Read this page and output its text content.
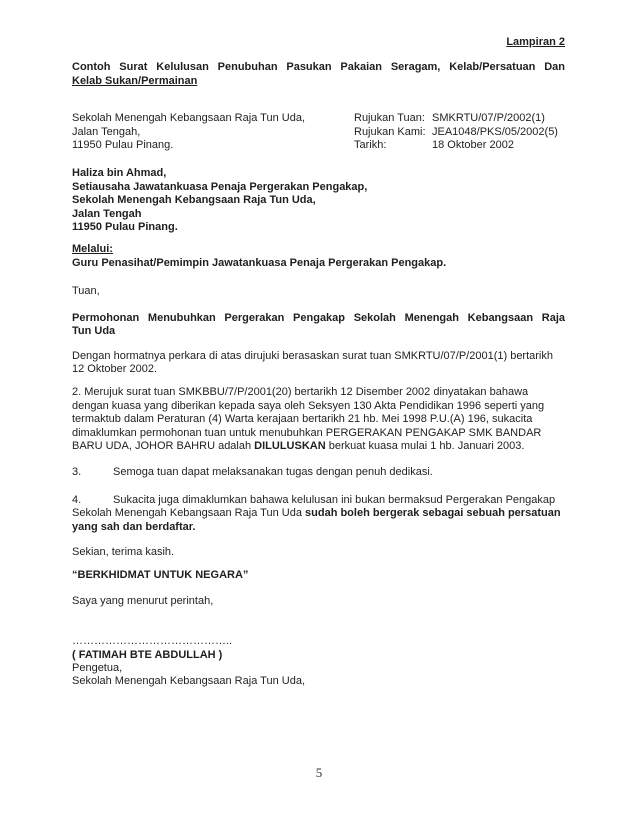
Lampiran 2
Contoh Surat Kelulusan Penubuhan Pasukan Pakaian Seragam, Kelab/Persatuan Dan
Kelab Sukan/Permainan
Sekolah Menengah Kebangsaan Raja Tun Uda,
Jalan Tengah,
11950 Pulau Pinang.
Rujukan Tuan: SMKRTU/07/P/2002(1)
Rujukan Kami: JEA1048/PKS/05/2002(5)
Tarikh:	18 Oktober 2002
Haliza bin Ahmad,
Setiausaha Jawatankuasa Penaja Pergerakan Pengakap,
Sekolah Menengah Kebangsaan Raja Tun Uda,
Jalan Tengah
11950 Pulau Pinang.
Melalui:
Guru Penasihat/Pemimpin Jawatankuasa Penaja Pergerakan Pengakap.
Tuan,
Permohonan Menubuhkan Pergerakan Pengakap Sekolah Menengah Kebangsaan Raja
Tun Uda
Dengan hormatnya perkara di atas dirujuki berasaskan surat tuan SMKRTU/07/P/2001(1) bertarikh 12 Oktober 2002.
2. Merujuk surat tuan SMKBBU/7/P/2001(20) bertarikh 12 Disember 2002 dinyatakan bahawa dengan kuasa yang diberikan kepada saya oleh Seksyen 130 Akta Pendidikan 1996 seperti yang termaktub dalam Peraturan (4) Warta kerajaan bertarikh 21 hb. Mei 1998 P.U.(A) 196, sukacita dimaklumkan permohonan tuan untuk menubuhkan PERGERAKAN PENGAKAP SMK BANDAR BARU UDA, JOHOR BAHRU adalah DILULUSKAN berkuat kuasa mulai 1 hb. Januari 2003.
3.	Semoga tuan dapat melaksanakan tugas dengan penuh dedikasi.
4.	Sukacita juga dimaklumkan bahawa kelulusan ini bukan bermaksud Pergerakan Pengakap Sekolah Menengah Kebangsaan Raja Tun Uda sudah boleh bergerak sebagai sebuah persatuan yang sah dan berdaftar.
Sekian, terima kasih.
“BERKHIDMAT UNTUK NEGARA”
Saya yang menurut perintah,
……………………………………..
( FATIMAH BTE ABDULLAH )
Pengetua,
Sekolah Menengah Kebangsaan Raja Tun Uda,
5
